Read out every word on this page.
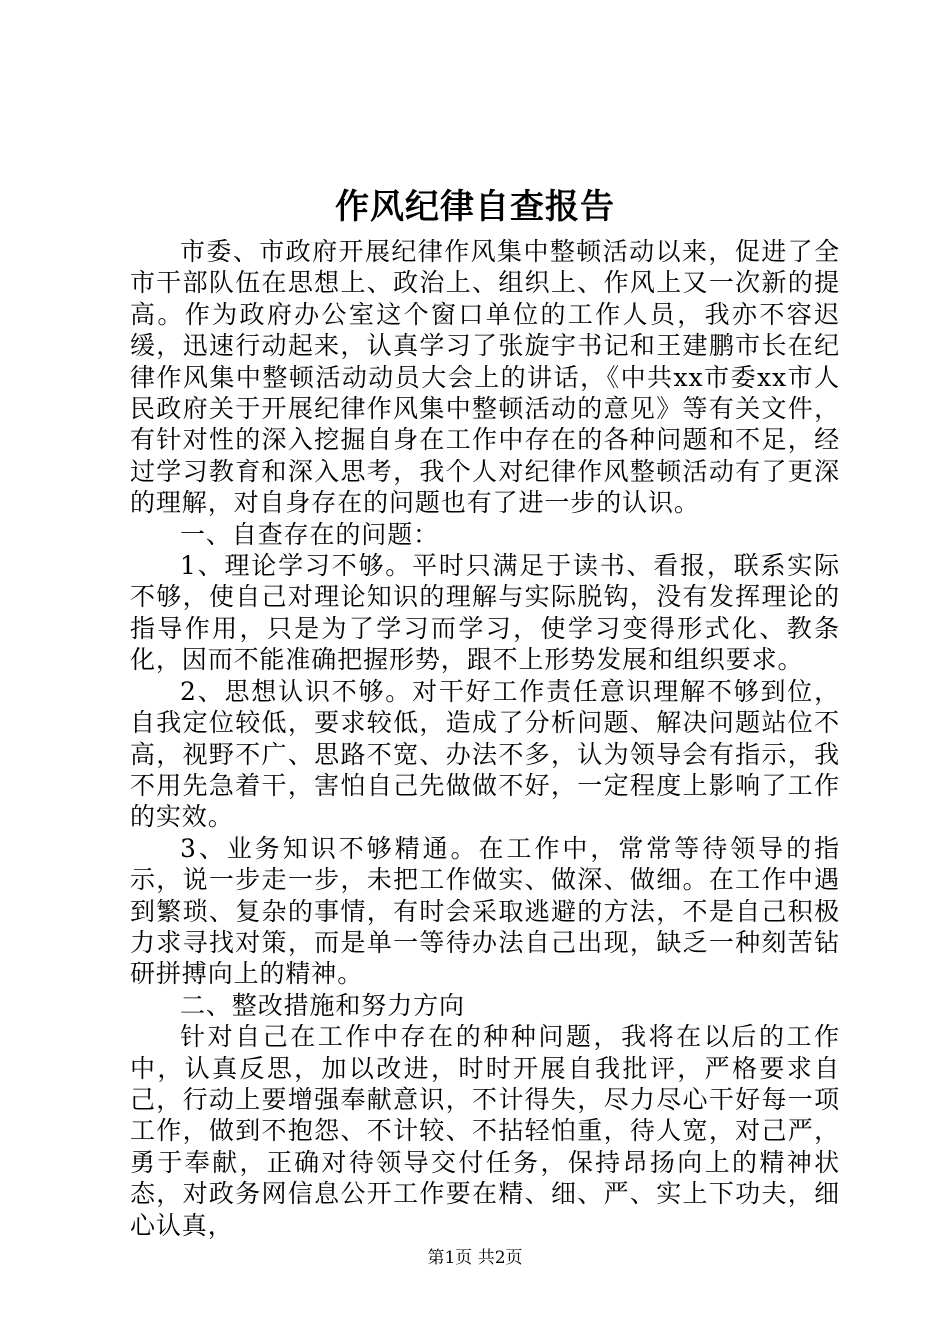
作风纪律自查报告

市委、市政府开展纪律作风集中整顿活动以来，促进了全市干部队伍在思想上、政治上、组织上、作风上又一次新的提高。作为政府办公室这个窗口单位的工作人员，我亦不容迟缓，迅速行动起来，认真学习了张旋宇书记和王建鹏市长在纪律作风集中整顿活动动员大会上的讲话，《中共xx市委xx市人民政府关于开展纪律作风集中整顿活动的意见》等有关文件，有针对性的深入挖掘自身在工作中存在的各种问题和不足，经过学习教育和深入思考，我个人对纪律作风整顿活动有了更深的理解，对自身存在的问题也有了进一步的认识。

一、自查存在的问题：

1、理论学习不够。平时只满足于读书、看报，联系实际不够，使自己对理论知识的理解与实际脱钩，没有发挥理论的指导作用，只是为了学习而学习，使学习变得形式化、教条化，因而不能准确把握形势，跟不上形势发展和组织要求。

2、思想认识不够。对干好工作责任意识理解不够到位，自我定位较低，要求较低，造成了分析问题、解决问题站位不高，视野不广、思路不宽、办法不多，认为领导会有指示，我不用先急着干，害怕自己先做做不好，一定程度上影响了工作的实效。

3、业务知识不够精通。在工作中，常常等待领导的指示，说一步走一步，未把工作做实、做深、做细。在工作中遇到繁琐、复杂的事情，有时会采取逃避的方法，不是自己积极力求寻找对策，而是单一等待办法自己出现，缺乏一种刻苦钻研拼搏向上的精神。

二、整改措施和努力方向

针对自己在工作中存在的种种问题，我将在以后的工作中，认真反思，加以改进，时时开展自我批评，严格要求自己，行动上要增强奉献意识，不计得失，尽力尽心干好每一项工作，做到不抱怨、不计较、不拈轻怕重，待人宽，对己严，勇于奉献，正确对待领导交付任务，保持昂扬向上的精神状态，对政务网信息公开工作要在精、细、严、实上下功夫，细心认真，

第1页 共2页
